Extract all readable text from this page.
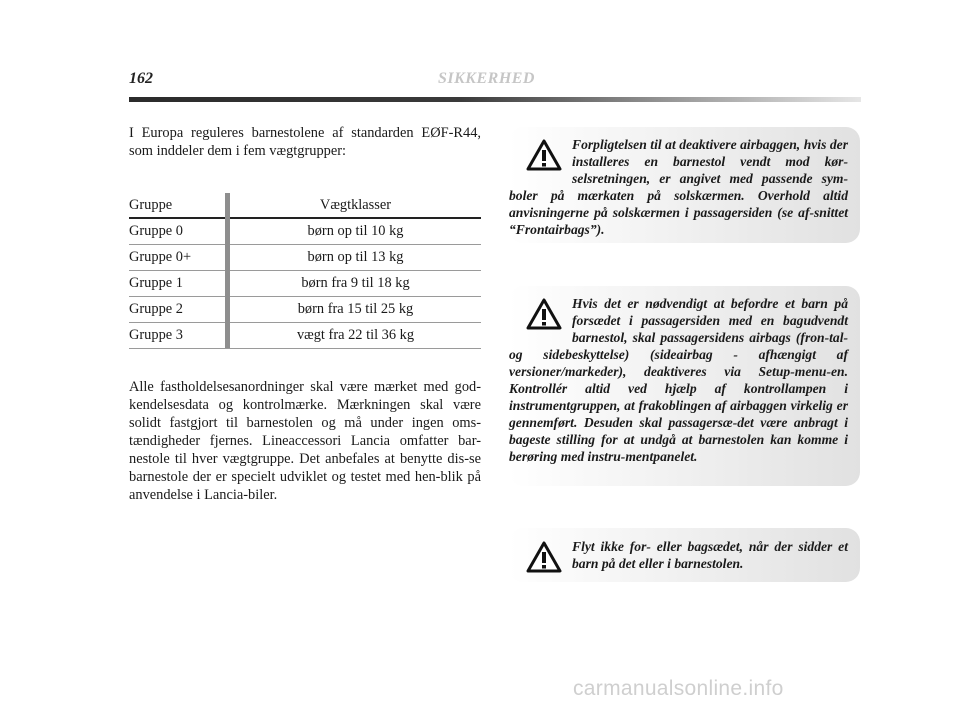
162	SIKKERHED

I Europa reguleres barnestolene af standarden EØF-R44, som inddeler dem i fem vægtgrupper:

Gruppe		Vægtklasser
Gruppe 0		børn op til 10 kg
Gruppe 0+		børn op til 13 kg
Gruppe 1		børn fra 9 til 18 kg
Gruppe 2		børn fra 15 til 25 kg
Gruppe 3		vægt fra 22 til 36 kg

Alle fastholdelsesanordninger skal være mærket med god-kendelsesdata og kontrolmærke. Mærkningen skal være solidt fastgjort til barnestolen og må under ingen oms-tændigheder fjernes. Lineaccessori Lancia omfatter bar-nestole til hver vægtgruppe. Det anbefales at benytte dis-se barnestole der er specielt udviklet og testet med hen-blik på anvendelse i Lancia-biler.

Forpligtelsen til at deaktivere airbaggen, hvis der installeres en barnestol vendt mod kør-selsretningen, er angivet med passende sym-boler på mærkaten på solskærmen. Overhold altid anvisningerne på solskærmen i passagersiden (se af-snittet “Frontairbags”).

Hvis det er nødvendigt at befordre et barn på forsædet i passagersiden med en bagudvendt barnestol, skal passagersidens airbags (fron-tal- og sidebeskyttelse) (sideairbag - afhængigt af versioner/markeder), deaktiveres via Setup-menu-en. Kontrollér altid ved hjælp af kontrollampen i instrumentgruppen, at frakoblingen af airbaggen virkelig er gennemført. Desuden skal passagersæ-det være anbragt i bageste stilling for at undgå at barnestolen kan komme i berøring med instru-mentpanelet.

Flyt ikke for- eller bagsædet, når der sidder et barn på det eller i barnestolen.

carmanualsonline.info
